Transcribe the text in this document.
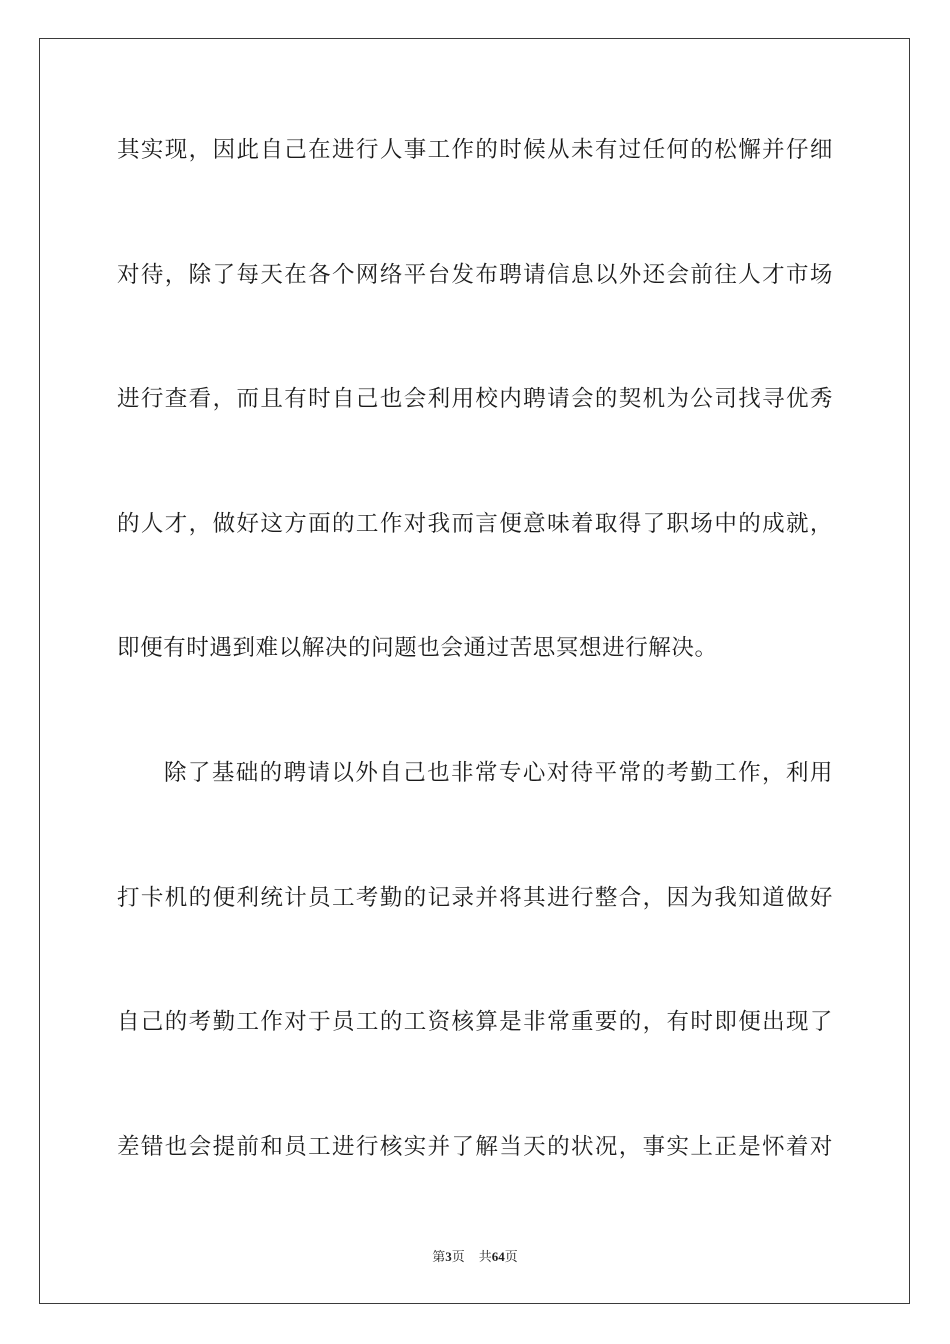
其实现，因此自己在进行人事工作的时候从未有过任何的松懈并仔细
对待，除了每天在各个网络平台发布聘请信息以外还会前往人才市场
进行查看，而且有时自己也会利用校内聘请会的契机为公司找寻优秀
的人才，做好这方面的工作对我而言便意味着取得了职场中的成就，
即便有时遇到难以解决的问题也会通过苦思冥想进行解决。
除了基础的聘请以外自己也非常专心对待平常的考勤工作，利用
打卡机的便利统计员工考勤的记录并将其进行整合，因为我知道做好
自己的考勤工作对于员工的工资核算是非常重要的，有时即便出现了
差错也会提前和员工进行核实并了解当天的状况，事实上正是怀着对
第3页 共64页
